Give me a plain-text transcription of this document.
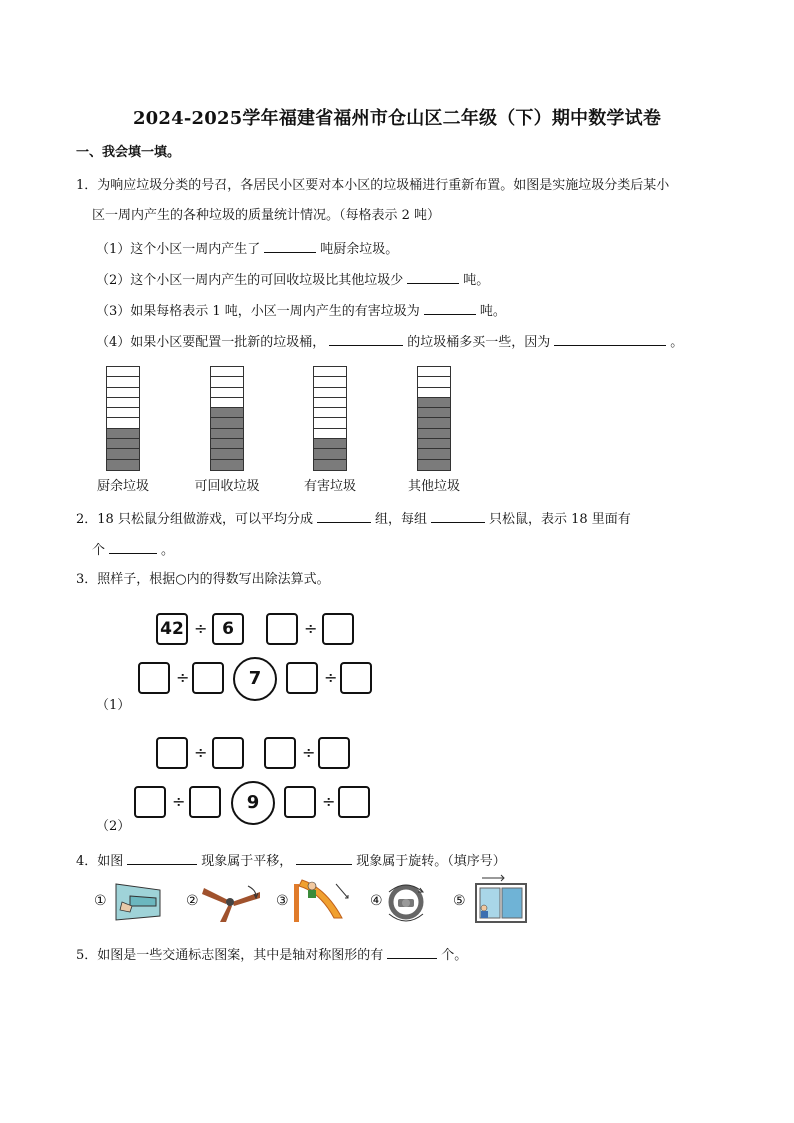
2024-2025学年福建省福州市仓山区二年级（下）期中数学试卷
一、我会填一填。
1．为响应垃圾分类的号召，各居民小区要对本小区的垃圾桶进行重新布置。如图是实施垃圾分类后某小
区一周内产生的各种垃圾的质量统计情况。（每格表示 2 吨）
（1）这个小区一周内产生了	吨厨余垃圾。
（2）这个小区一周内产生的可回收垃圾比其他垃圾少	吨。
（3）如果每格表示 1 吨，小区一周内产生的有害垃圾为	吨。
（4）如果小区要配置一批新的垃圾桶，	的垃圾桶多买一些，因为	。
厨余垃圾	可回收垃圾	有害垃圾	其他垃圾
2．18 只松鼠分组做游戏，可以平均分成	组，每组	只松鼠，表示 18 里面有
个	。
3．照样子，根据○内的得数写出除法算式。
42 ÷ 6	÷
÷	7	÷
（1）
÷	÷
÷	9	÷
（2）
4．如图	现象属于平移，	现象属于旋转。（填序号）
①	②	③	④	⑤
5．如图是一些交通标志图案，其中是轴对称图形的有	个。
